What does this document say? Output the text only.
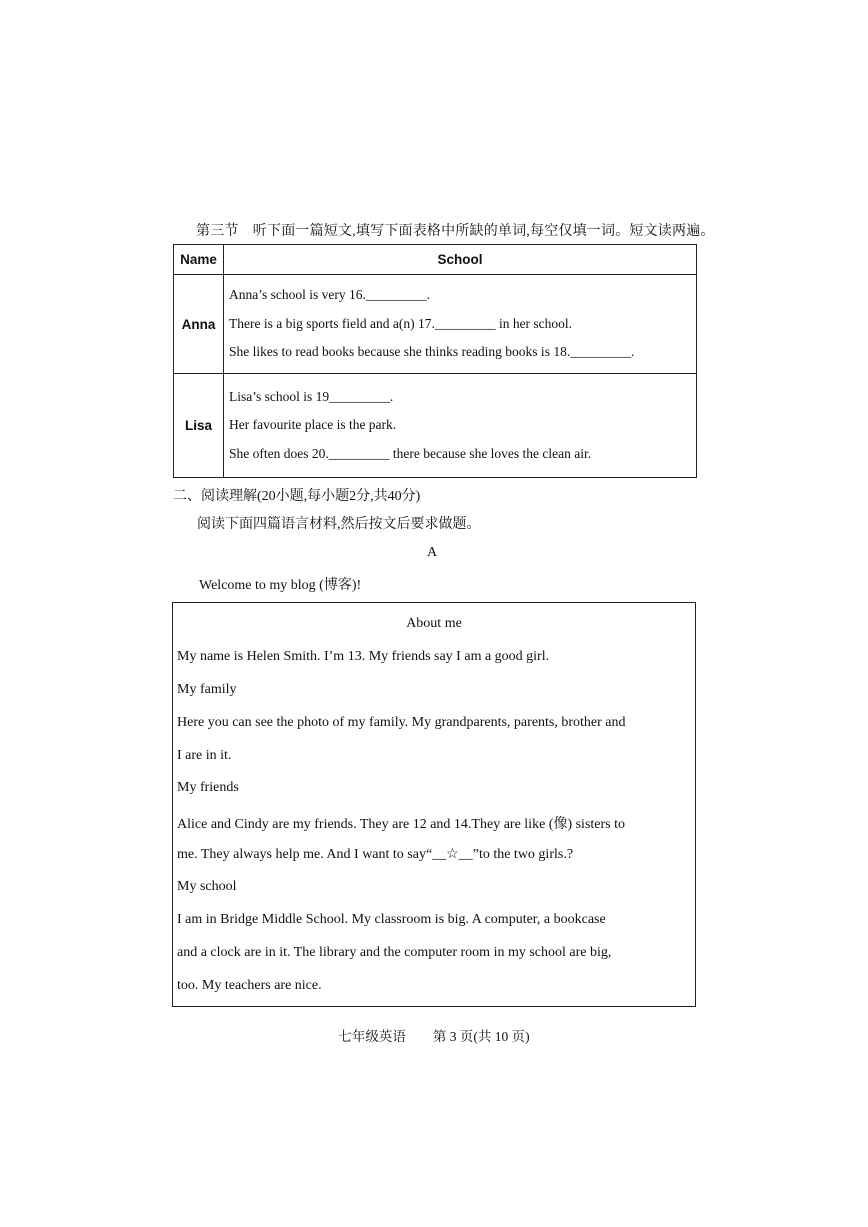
第三节　听下面一篇短文,填写下面表格中所缺的单词,每空仅填一词。短文读两遍。
Name	School
Anna	Anna’s school is very 16._________.
There is a big sports field and a(n) 17._________ in her school.
She likes to read books because she thinks reading books is 18._________.

Lisa	Lisa’s school is 19_________.
Her favourite place is the park.
She often does 20._________ there because she loves the clean air.
二、阅读理解(20小题,每小题2分,共40分)
阅读下面四篇语言材料,然后按文后要求做题。
A
Welcome to my blog (博客)!
About me
My name is Helen Smith. I’m 13. My friends say I am a good girl.
My family
Here you can see the photo of my family. My grandparents, parents, brother and
I are in it.
My friends
Alice and Cindy are my friends. They are 12 and 14.They are like (像) sisters to
me. They always help me. And I want to say“__☆__”to the two girls.?
My school
I am in Bridge Middle School. My classroom is big. A computer, a bookcase
and a clock are in it. The library and the computer room in my school are big,
too. My teachers are nice.
七年级英语　　第 3 页(共 10 页)
